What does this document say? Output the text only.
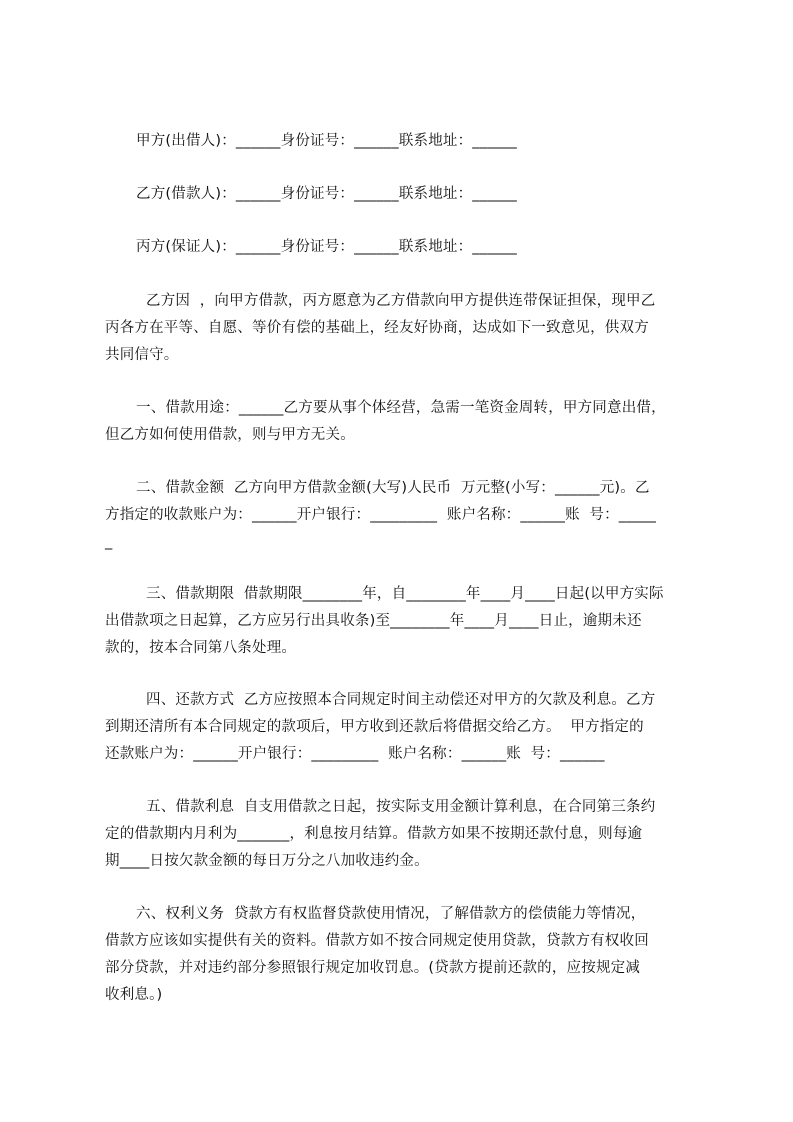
甲方(出借人)：______身份证号：______联系地址：______
乙方(借款人)：______身份证号：______联系地址：______
丙方(保证人)：______身份证号：______联系地址：______
乙方因  ，向甲方借款，丙方愿意为乙方借款向甲方提供连带保证担保，现甲乙
丙各方在平等、自愿、等价有偿的基础上，经友好协商，达成如下一致意见，供双方
共同信守。
一、借款用途：______乙方要从事个体经营，急需一笔资金周转，甲方同意出借，
但乙方如何使用借款，则与甲方无关。
二、借款金额  乙方向甲方借款金额(大写)人民币  万元整(小写：______元)。乙
方指定的收款账户为：______开户银行：_________  账户名称：______账  号：_____
_
三、借款期限  借款期限________年，自________年____月____日起(以甲方实际
出借款项之日起算，乙方应另行出具收条)至________年____月____日止，逾期未还
款的，按本合同第八条处理。
四、还款方式  乙方应按照本合同规定时间主动偿还对甲方的欠款及利息。乙方
到期还清所有本合同规定的款项后，甲方收到还款后将借据交给乙方。  甲方指定的
还款账户为：______开户银行：_________  账户名称：______账  号：______
五、借款利息  自支用借款之日起，按实际支用金额计算利息，在合同第三条约
定的借款期内月利为_______，利息按月结算。借款方如果不按期还款付息，则每逾
期____日按欠款金额的每日万分之八加收违约金。
六、权利义务  贷款方有权监督贷款使用情况，了解借款方的偿债能力等情况，
借款方应该如实提供有关的资料。借款方如不按合同规定使用贷款，贷款方有权收回
部分贷款，并对违约部分参照银行规定加收罚息。(贷款方提前还款的，应按规定减
收利息。)
